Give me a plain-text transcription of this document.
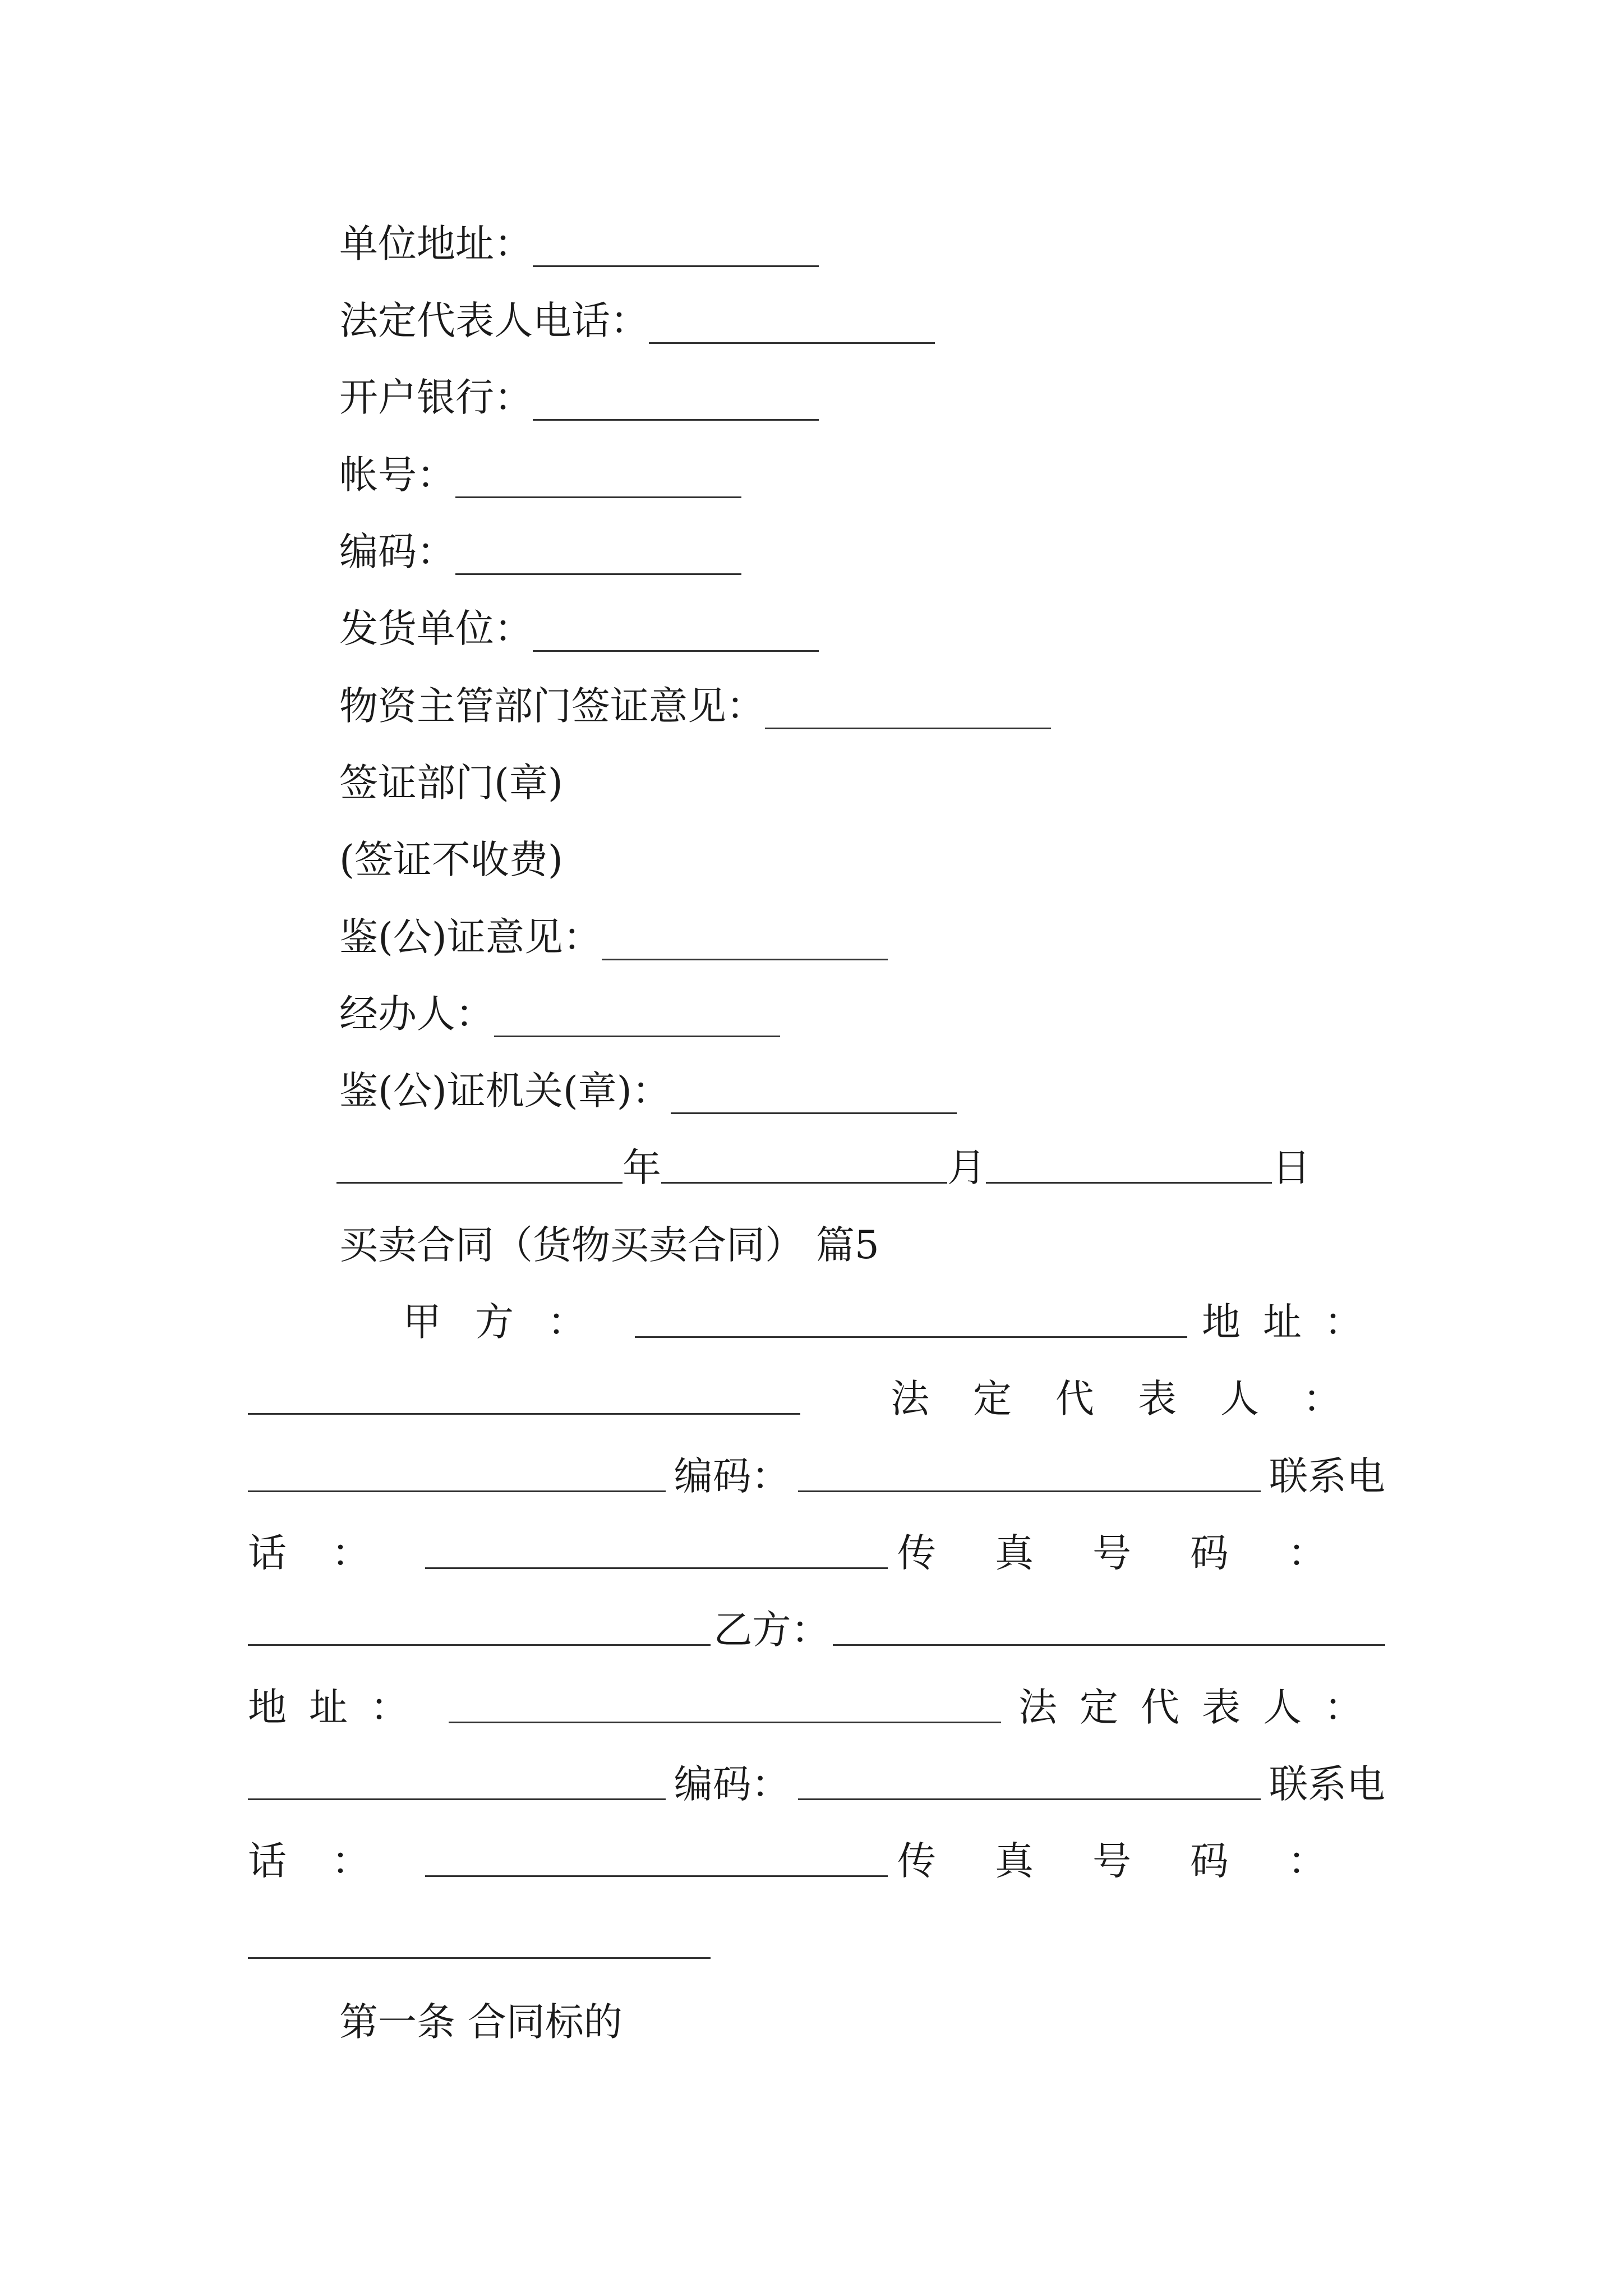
单位地址：
法定代表人电话：
开户银行：
帐号：
编码：
发货单位：
物资主管部门签证意见：
签证部门(章)
(签证不收费)
鉴(公)证意见：
经办人：
鉴(公)证机关(章)：
年	月	日
买卖合同（货物买卖合同） 篇5
甲方：	地址：
法定代表人：
编码：	联系电
话：	传真号码：
乙方：
地址：	法定代表人：
编码：	联系电
话：	传真号码：
第一条 合同标的
